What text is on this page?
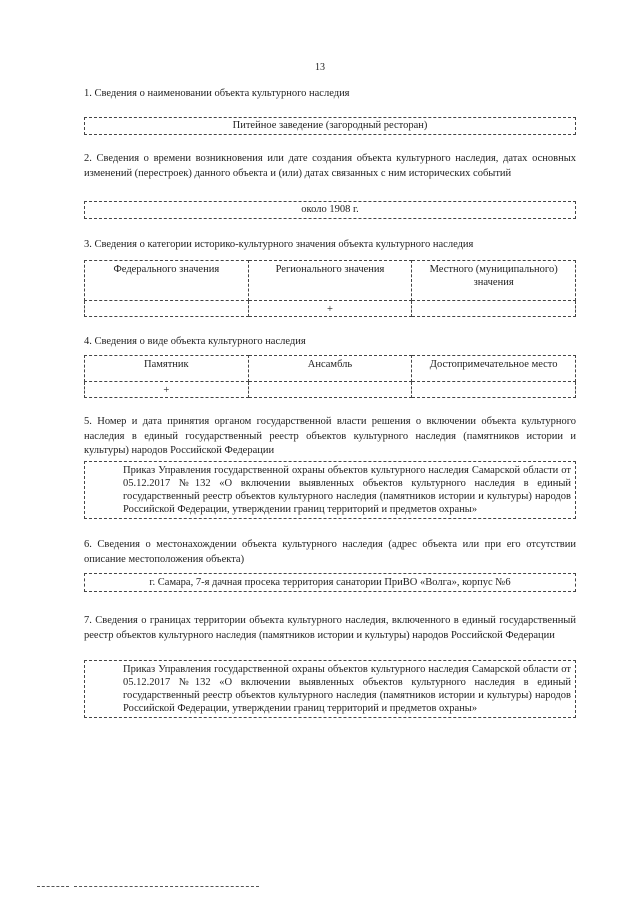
13
1. Сведения о наименовании объекта культурного наследия
Питейное заведение (загородный ресторан)
2. Сведения о времени возникновения или дате создания объекта культурного наследия, датах основных изменений (перестроек) данного объекта и (или) датах связанных с ним исторических событий
около 1908 г.
3. Сведения о категории историко-культурного значения объекта культурного наследия
Федерального значения	Регионального значения	Местного (муниципального) значения
	+	
4. Сведения о виде объекта культурного наследия
Памятник	Ансамбль	Достопримечательное место
+		
5. Номер и дата принятия органом государственной власти решения о включении объекта культурного наследия в единый государственный реестр объектов культурного наследия (памятников истории и культуры) народов Российской Федерации
Приказ Управления государственной охраны объектов культурного наследия Самарской области от 05.12.2017 №132 «О включении выявленных объектов культурного наследия в единый государственный реестр объектов культурного наследия (памятников истории и культуры) народов Российской Федерации, утверждении границ территорий и предметов охраны»
6. Сведения о местонахождении объекта культурного наследия (адрес объекта или при его отсутствии описание местоположения объекта)
г. Самара, 7-я дачная просека территория санатории ПриВО «Волга», корпус №6
7. Сведения о границах территории объекта культурного наследия, включенного в единый государственный реестр объектов культурного наследия (памятников истории и культуры) народов Российской Федерации
Приказ Управления государственной охраны объектов культурного наследия Самарской области от 05.12.2017 №132 «О включении выявленных объектов культурного наследия в единый государственный реестр объектов культурного наследия (памятников истории и культуры) народов Российской Федерации, утверждении границ территорий и предметов охраны»
